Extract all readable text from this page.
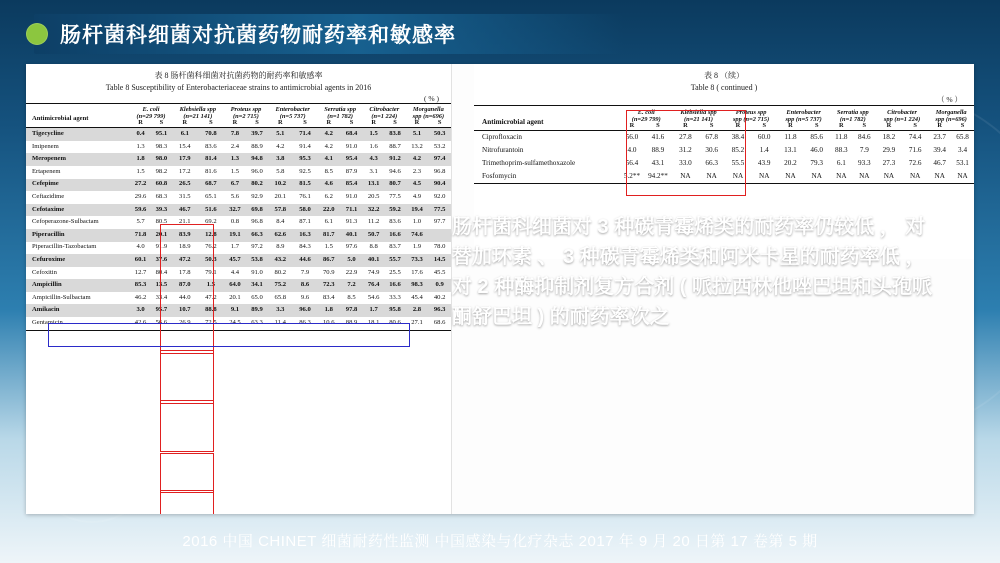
肠杆菌科细菌对抗菌药物耐药率和敏感率
表 8 肠杆菌科细菌对抗菌药物的耐药率和敏感率
Table 8 Susceptibility of Enterobacteriaceae strains to antimicrobial agents in 2016
( % )
Antimicrobial agent	E. coli		Klebsiella spp		Proteus spp		Enterobacter		Serratia spp		Citrobacter		Morganella	
	(n=29 799)		(n=21 141)		(n=2 715)		(n=5 737)		(n=1 782)		(n=1 224)		spp (n=696)	
	R	S	R	S	R	S	R	S	R	S	R	S	R	S
Tigecycline	0.4	95.1	6.1	70.8	7.8	39.7	5.1	71.4	4.2	68.4	1.5	83.8	5.1	50.3
Imipenem	1.3	98.3	15.4	83.6	2.4	88.9	4.2	91.4	4.2	91.0	1.6	88.7	13.2	53.2
Meropenem	1.8	98.0	17.9	81.4	1.3	94.8	3.8	95.3	4.1	95.4	4.3	91.2	4.2	97.4
Ertapenem	1.5	98.2	17.2	81.6	1.5	96.0	5.8	92.5	8.5	87.9	3.1	94.6	2.3	96.8
Cefepime	27.2	60.8	26.5	68.7	6.7	80.2	10.2	81.5	4.6	85.4	13.1	80.7	4.5	90.4
Ceftazidime	29.6	68.3	31.5	65.1	5.6	92.9	20.1	76.1	6.2	91.0	20.5	77.5	4.9	92.0
Cefotaxime	59.6	39.3	46.7	51.6	32.7	69.8	57.8	58.0	22.0	71.1	32.2	59.2	19.4	77.5
Cefoperazone-Sulbactam	5.7	80.5	21.1	69.2	0.8	96.8	8.4	87.1	6.1	91.3	11.2	83.6	1.0	97.7
Piperacillin	71.8	20.1	83.9	12.8	19.1	66.3	62.6	16.3	81.7	40.1	50.7	16.6	74.6	
Piperacillin-Tazobactam	4.0	91.9	18.9	76.2	1.7	97.2	8.9	84.3	1.5	97.6	8.8	83.7	1.9	78.0
Cefuroxime	60.1	37.6	47.2	50.3	45.7	53.8	43.2	44.6	86.7	5.0	40.1	55.7	73.3	14.5
Cefoxitin	12.7	80.4	17.8	79.1	4.4	91.0	80.2	7.9	70.9	22.9	74.9	25.5	17.6	45.5
Ampicillin	85.3	13.5	87.0	1.5	64.0	34.1	75.2	8.6	72.3	7.2	76.4	16.6	98.3	0.9
Ampicillin-Sulbactam	46.2	33.4	44.0	47.2	20.1	65.0	65.8	9.6	83.4	8.5	54.6	33.3	45.4	40.2
Amikacin	3.0	95.7	10.7	88.8	9.1	89.9	3.3	96.0	1.8	97.8	1.7	95.8	2.8	96.3
Gentamicin	42.6	56.6	26.9	72.5	24.5	63.3	11.4	86.3	10.6	88.9	18.1	80.6	27.1	68.6
表 8 （续）
Table 8 ( continued )
（ % ）
Antimicrobial agent	E. coli		Klebsiella spp		Proteus spp		Enterobacter		Serratia spp		Citrobacter		Morganella	
	(n=29 799)		(n=21 141)		spp (n=2 715)		spp (n=5 737)		(n=1 782)		spp (n=1 224)		spp (n=696)	
	R	S	R	S	R	S	R	S	R	S	R	S	R	S
Ciprofloxacin	56.0	41.6	27.8	67.8	38.4	60.0	11.8	85.6	11.8	84.6	18.2	74.4	23.7	65.8
Nitrofurantoin	4.0	88.9	31.2	30.6	85.2	1.4	13.1	46.0	88.3	7.9	29.9	71.6	39.4	3.4
Trimethoprim-sulfamethoxazole	56.4	43.1	33.0	66.3	55.5	43.9	20.2	79.3	6.1	93.3	27.3	72.6	46.7	53.1
Fosfomycin	5.2**	94.2**	NA	NA	NA	NA	NA	NA	NA	NA	NA	NA	NA	NA
肠杆菌科细菌对 3 种碳青霉烯类的耐药率仍较低 ， 对替加环素 、 3 种碳青霉烯类和阿米卡星的耐药率低 ， 对 2 种酶抑制剂复方合剂 ( 哌拉西林他唑巴坦和头孢哌酮舒巴坦 ) 的耐药率次之
2016 中国 CHINET 细菌耐药性监测 中国感染与化疗杂志 2017 年 9 月 20 日第 17 卷第 5 期
